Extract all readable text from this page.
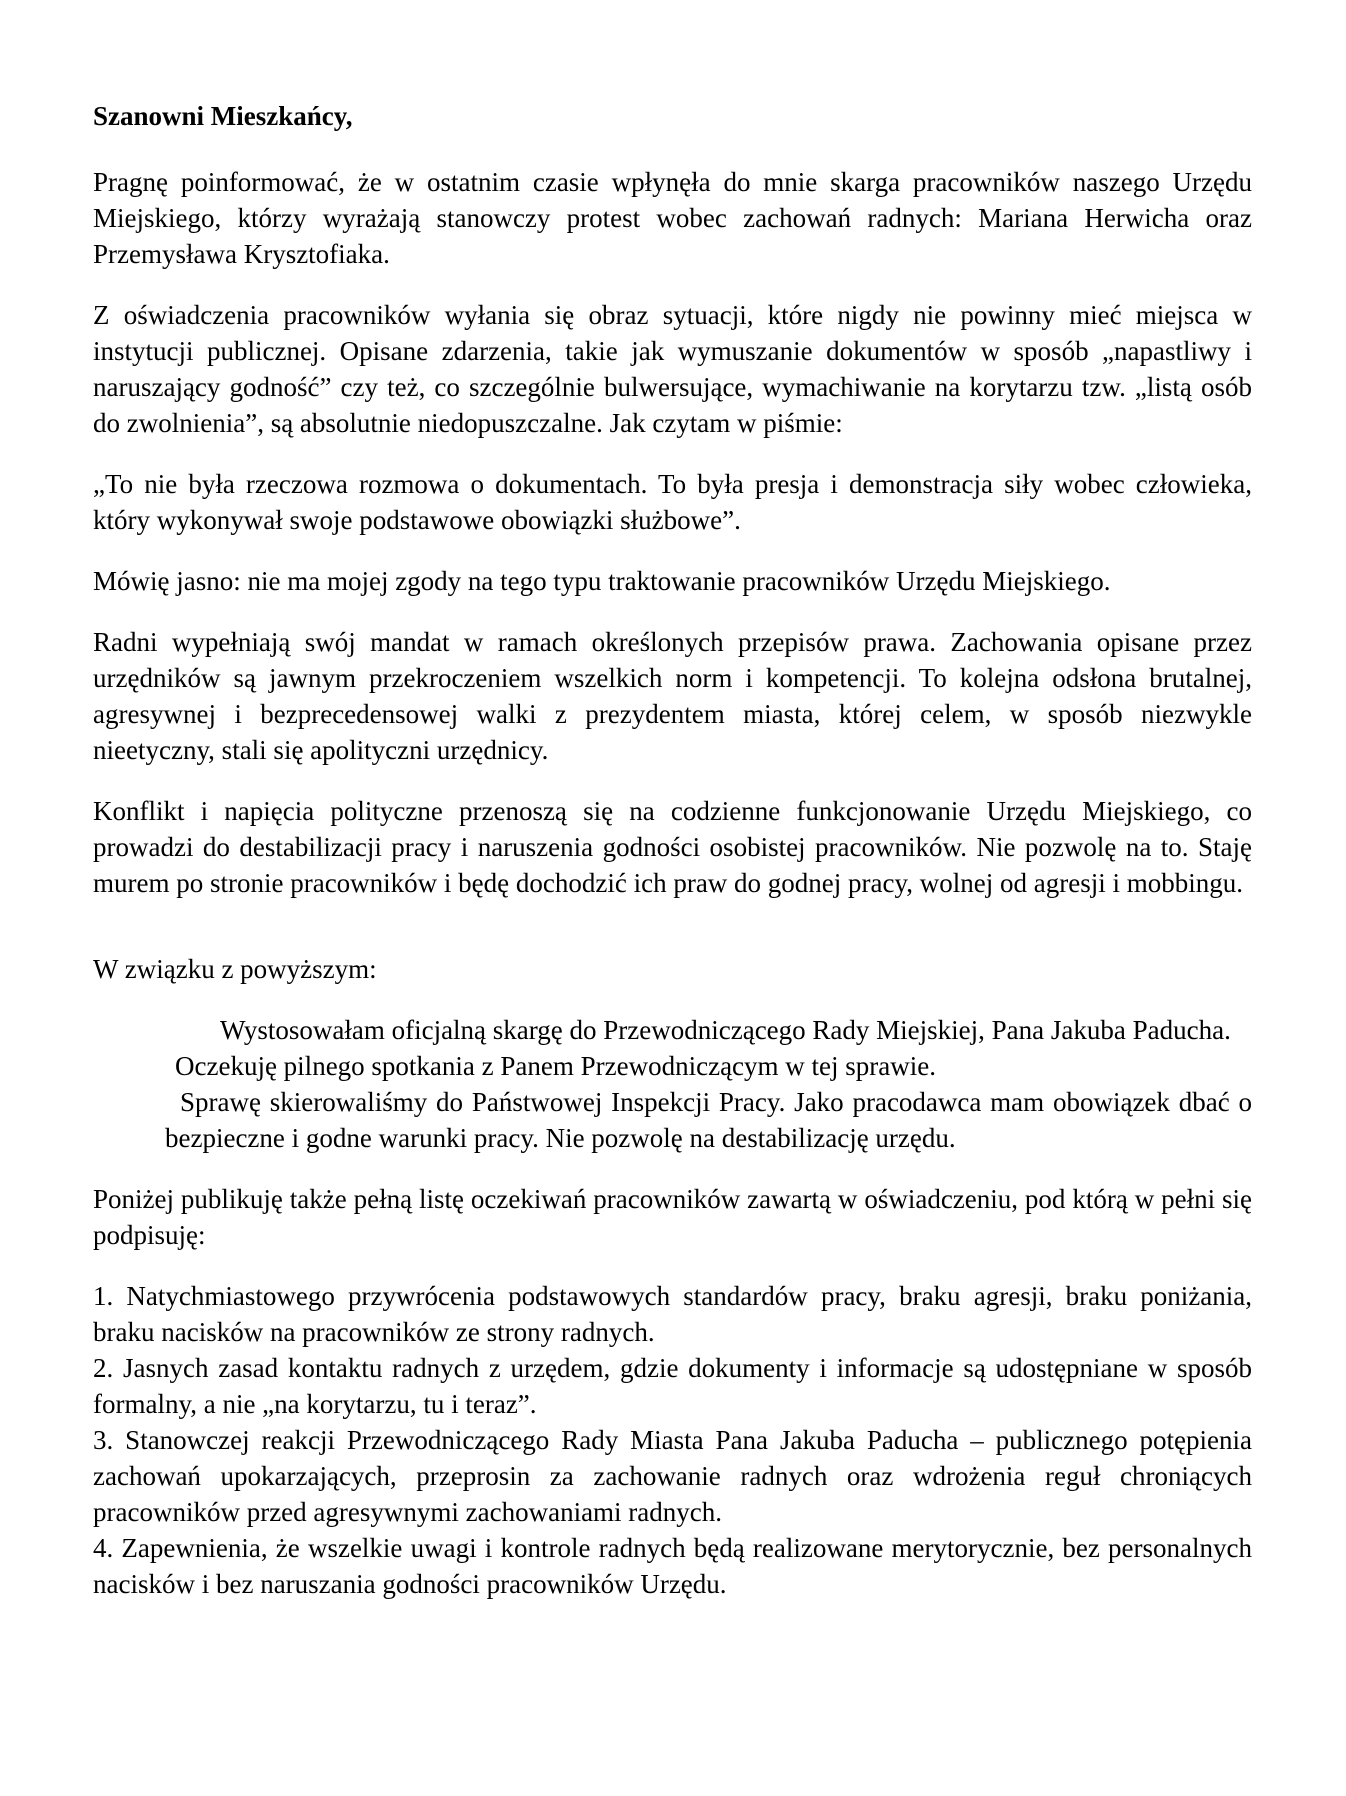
Szanowni Mieszkańcy,

Pragnę poinformować, że w ostatnim czasie wpłynęła do mnie skarga pracowników naszego Urzędu Miejskiego, którzy wyrażają stanowczy protest wobec zachowań radnych: Mariana Herwicha oraz Przemysława Krysztofiaka.

Z oświadczenia pracowników wyłania się obraz sytuacji, które nigdy nie powinny mieć miejsca w instytucji publicznej. Opisane zdarzenia, takie jak wymuszanie dokumentów w sposób „napastliwy i naruszający godność” czy też, co szczególnie bulwersujące, wymachiwanie na korytarzu tzw. „listą osób do zwolnienia”, są absolutnie niedopuszczalne. Jak czytam w piśmie:

„To nie była rzeczowa rozmowa o dokumentach. To była presja i demonstracja siły wobec człowieka, który wykonywał swoje podstawowe obowiązki służbowe”.

Mówię jasno: nie ma mojej zgody na tego typu traktowanie pracowników Urzędu Miejskiego.

Radni wypełniają swój mandat w ramach określonych przepisów prawa. Zachowania opisane przez urzędników są jawnym przekroczeniem wszelkich norm i kompetencji. To kolejna odsłona brutalnej, agresywnej i bezprecedensowej walki z prezydentem miasta, której celem, w sposób niezwykle nieetyczny, stali się apolityczni urzędnicy.

Konflikt i napięcia polityczne przenoszą się na codzienne funkcjonowanie Urzędu Miejskiego, co prowadzi do destabilizacji pracy i naruszenia godności osobistej pracowników. Nie pozwolę na to. Staję murem po stronie pracowników i będę dochodzić ich praw do godnej pracy, wolnej od agresji i mobbingu.

W związku z powyższym:

Wystosowałam oficjalną skargę do Przewodniczącego Rady Miejskiej, Pana Jakuba Paducha.

Oczekuję pilnego spotkania z Panem Przewodniczącym w tej sprawie.

Sprawę skierowaliśmy do Państwowej Inspekcji Pracy. Jako pracodawca mam obowiązek dbać o bezpieczne i godne warunki pracy. Nie pozwolę na destabilizację urzędu.

Poniżej publikuję także pełną listę oczekiwań pracowników zawartą w oświadczeniu, pod którą w pełni się podpisuję:

1. Natychmiastowego przywrócenia podstawowych standardów pracy, braku agresji, braku poniżania, braku nacisków na pracowników ze strony radnych.

2. Jasnych zasad kontaktu radnych z urzędem, gdzie dokumenty i informacje są udostępniane w sposób formalny, a nie „na korytarzu, tu i teraz”.

3. Stanowczej reakcji Przewodniczącego Rady Miasta Pana Jakuba Paducha – publicznego potępienia zachowań upokarzających, przeprosin za zachowanie radnych oraz wdrożenia reguł chroniących pracowników przed agresywnymi zachowaniami radnych.

4. Zapewnienia, że wszelkie uwagi i kontrole radnych będą realizowane merytorycznie, bez personalnych nacisków i bez naruszania godności pracowników Urzędu.
